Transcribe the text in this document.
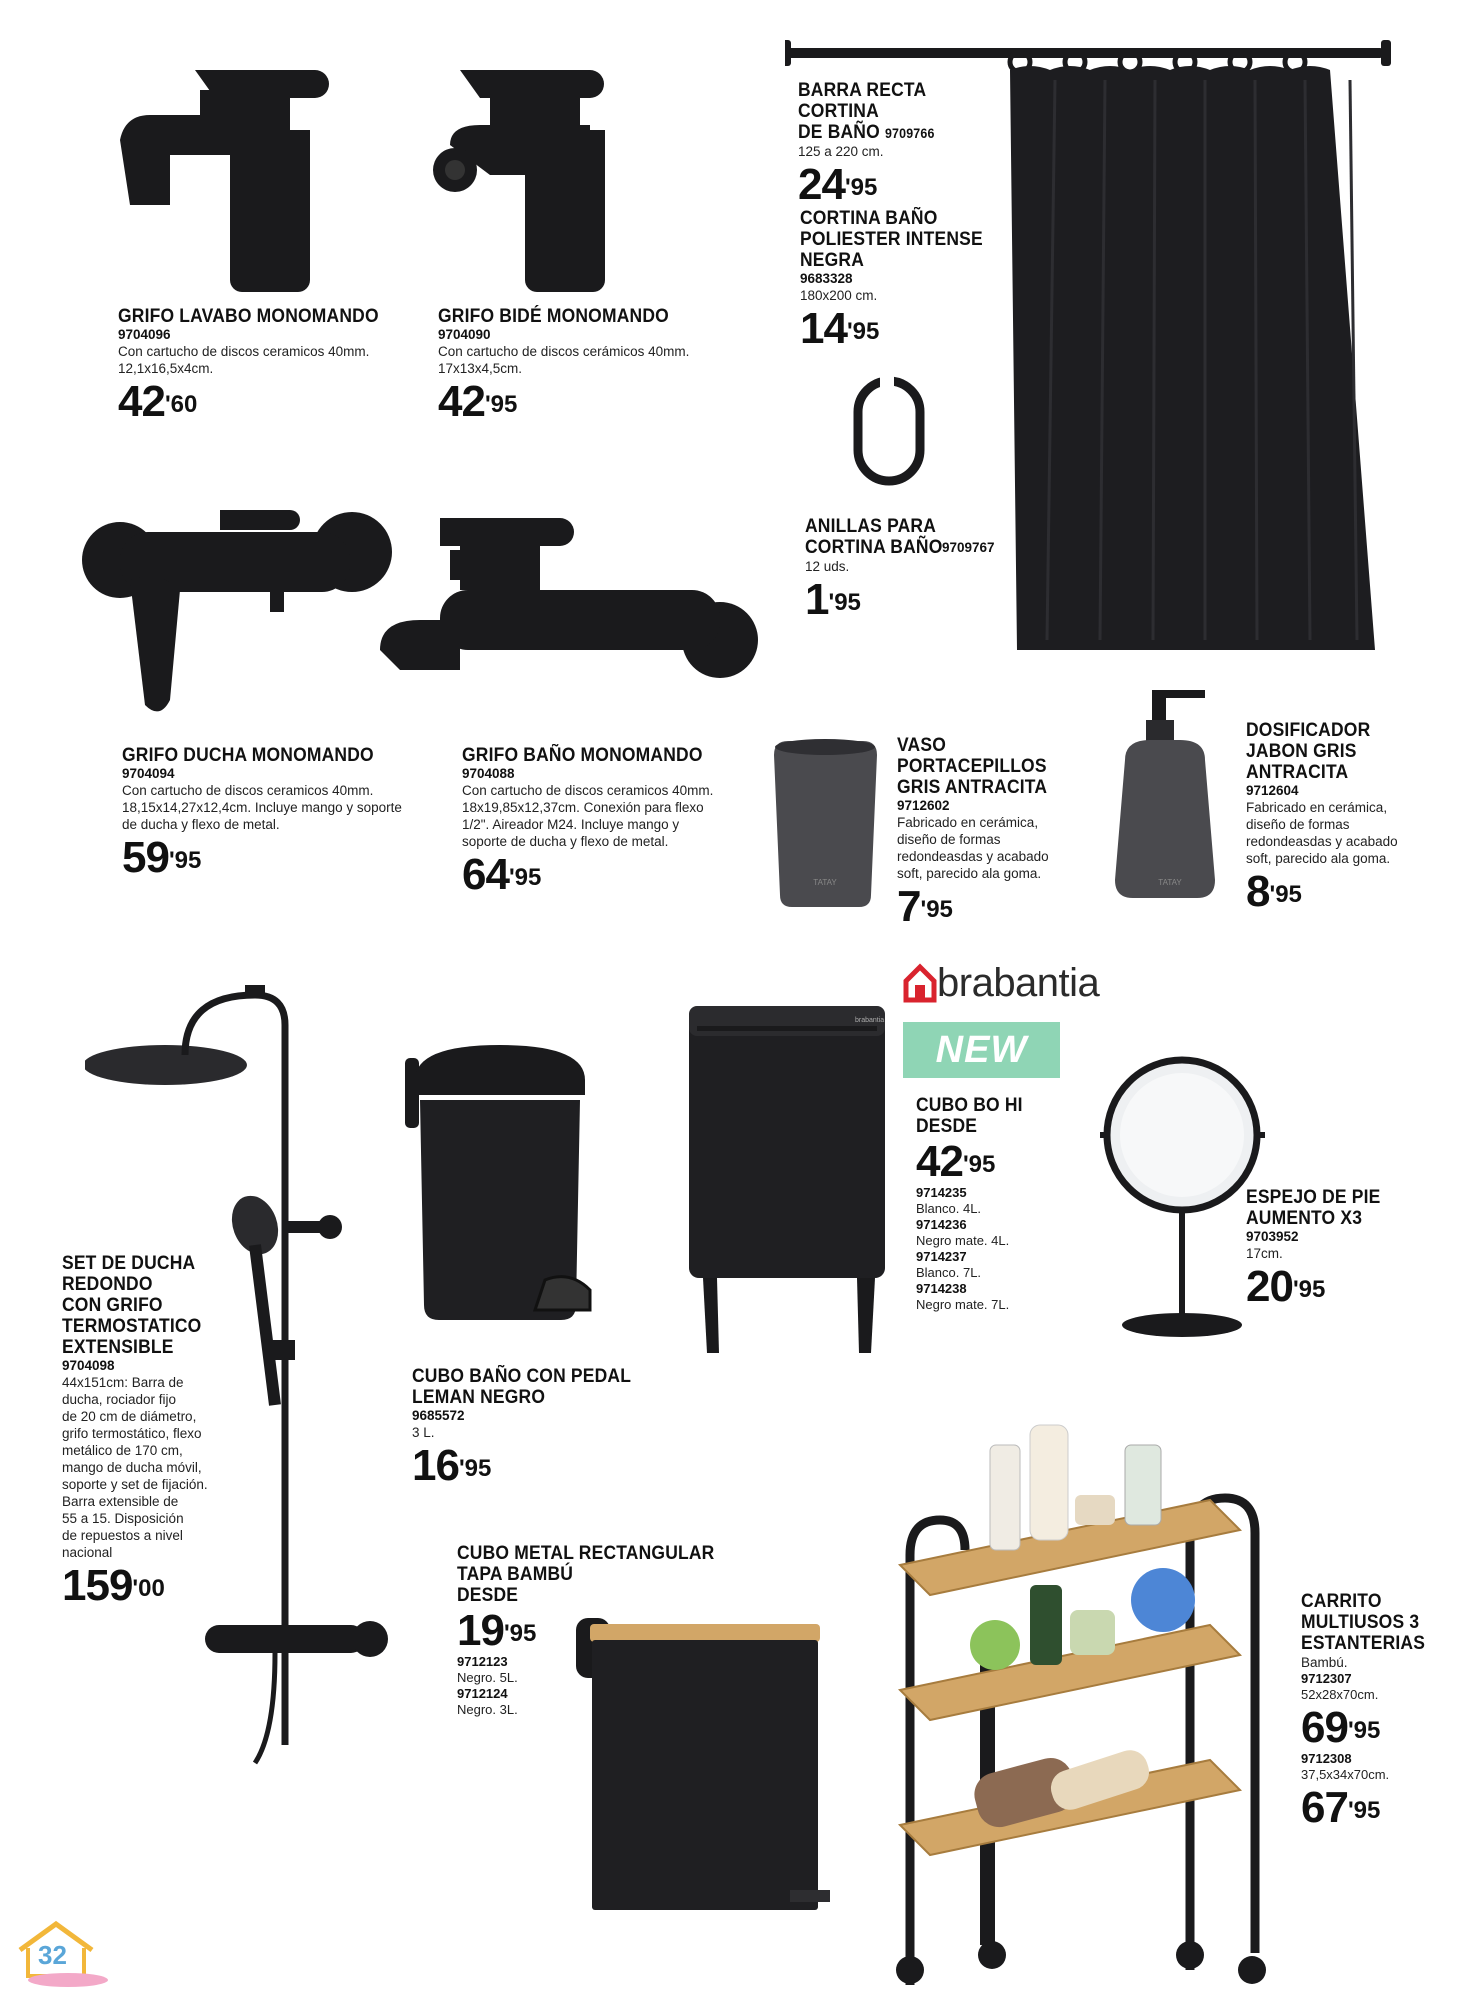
TATAY	TATAY
brabantia
GRIFO LAVABO MONOMANDO
9704096
Con cartucho de discos ceramicos 40mm.
12,1x16,5x4cm.
$42^{'60}$
GRIFO BIDÉ MONOMANDO
9704090
Con cartucho de discos cerámicos 40mm.
17x13x4,5cm.
$42^{'95}$
BARRA RECTA CORTINA
DE BAÑO 9709766
125 a 220 cm.
$24^{'95}$
CORTINA BAÑO
POLIESTER INTENSE
NEGRA
9683328
180x200 cm.
$14^{'95}$
ANILLAS PARA
CORTINA BAÑO 9709767
12 uds.
$1^{'95}$
GRIFO DUCHA MONOMANDO
9704094
Con cartucho de discos ceramicos 40mm.
18,15x14,27x12,4cm. Incluye mango y soporte
de ducha y flexo de metal.
$59^{'95}$
GRIFO BAÑO MONOMANDO
9704088
Con cartucho de discos ceramicos 40mm.
18x19,85x12,37cm. Conexión para flexo
1/2". Aireador M24. Incluye mango y
soporte de ducha y flexo de metal.
$64^{'95}$
VASO
PORTACEPILLOS
GRIS ANTRACITA
9712602
Fabricado en cerámica,
diseño de formas
redondeasdas y acabado
soft, parecido ala goma.
$7^{'95}$
DOSIFICADOR
JABON GRIS
ANTRACITA
9712604
Fabricado en cerámica,
diseño de formas
redondeasdas y acabado
soft, parecido ala goma.
$8^{'95}$
brabantia
NEW
CUBO BO HI
DESDE
$42^{'95}$
9714235
Blanco. 4L.
9714236
Negro mate. 4L.
9714237
Blanco. 7L.
9714238
Negro mate. 7L.
ESPEJO DE PIE
AUMENTO X3
9703952
17cm.
$20^{'95}$
SET DE DUCHA
REDONDO
CON GRIFO
TERMOSTATICO
EXTENSIBLE
9704098
44x151cm: Barra de
ducha, rociador fijo
de 20 cm de diámetro,
grifo termostático, flexo
metálico de 170 cm,
mango de ducha móvil,
soporte y set de fijación.
Barra extensible de
55 a 15. Disposición
de repuestos a nivel
nacional
$159^{'00}$
CUBO BAÑO CON PEDAL
LEMAN NEGRO
9685572
3 L.
$16^{'95}$
CUBO METAL RECTANGULAR
TAPA BAMBÚ
DESDE
$19^{'95}$
9712123
Negro. 5L.
9712124
Negro. 3L.
CARRITO
MULTIUSOS 3
ESTANTERIAS
Bambú.
9712307
52x28x70cm.
$69^{'95}$
9712308
37,5x34x70cm.
$67^{'95}$
32
